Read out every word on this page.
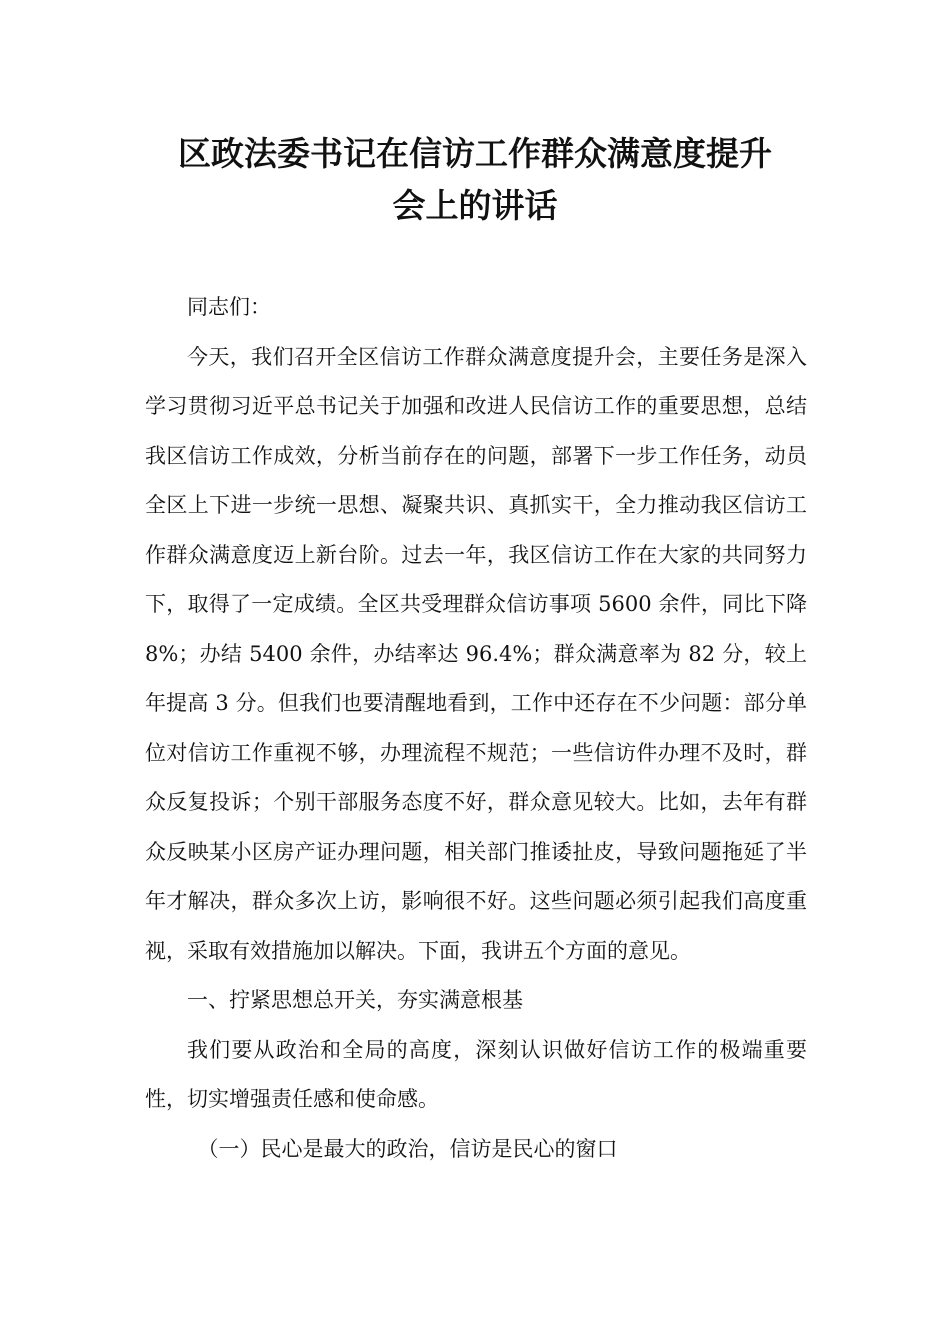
区政法委书记在信访工作群众满意度提升
会上的讲话

同志们：

今天，我们召开全区信访工作群众满意度提升会，主要任务是深入学习贯彻习近平总书记关于加强和改进人民信访工作的重要思想，总结我区信访工作成效，分析当前存在的问题，部署下一步工作任务，动员全区上下进一步统一思想、凝聚共识、真抓实干，全力推动我区信访工作群众满意度迈上新台阶。过去一年，我区信访工作在大家的共同努力下，取得了一定成绩。全区共受理群众信访事项 5600 余件，同比下降 8%；办结 5400 余件，办结率达 96.4%；群众满意率为 82 分，较上年提高 3 分。但我们也要清醒地看到，工作中还存在不少问题：部分单位对信访工作重视不够，办理流程不规范；一些信访件办理不及时，群众反复投诉；个别干部服务态度不好，群众意见较大。比如，去年有群众反映某小区房产证办理问题，相关部门推诿扯皮，导致问题拖延了半年才解决，群众多次上访，影响很不好。这些问题必须引起我们高度重视，采取有效措施加以解决。下面，我讲五个方面的意见。

一、拧紧思想总开关，夯实满意根基

我们要从政治和全局的高度，深刻认识做好信访工作的极端重要性，切实增强责任感和使命感。

（一）民心是最大的政治，信访是民心的窗口
